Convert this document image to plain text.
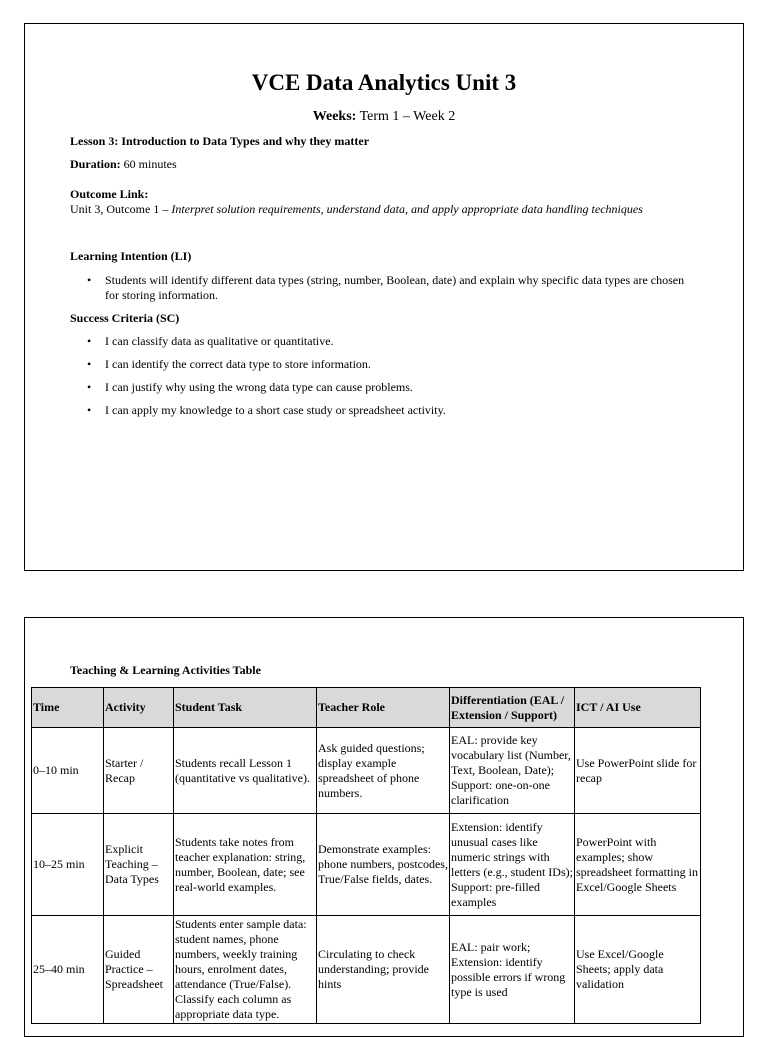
VCE Data Analytics Unit 3
Weeks: Term 1 – Week 2
Lesson 3: Introduction to Data Types and why they matter
Duration: 60 minutes
Outcome Link:
Unit 3, Outcome 1 – Interpret solution requirements, understand data, and apply appropriate data handling techniques
Learning Intention (LI)
• Students will identify different data types (string, number, Boolean, date) and explain why specific data types are chosen for storing information.
Success Criteria (SC)
• I can classify data as qualitative or quantitative.
• I can identify the correct data type to store information.
• I can justify why using the wrong data type can cause problems.
• I can apply my knowledge to a short case study or spreadsheet activity.
Teaching & Learning Activities Table
Time	Activity	Student Task	Teacher Role	Differentiation (EAL / Extension / Support)	ICT / AI Use
0–10 min	Starter / Recap	Students recall Lesson 1 (quantitative vs qualitative).	Ask guided questions; display example spreadsheet of phone numbers.	EAL: provide key vocabulary list (Number, Text, Boolean, Date); Support: one-on-one clarification	Use PowerPoint slide for recap
10–25 min	Explicit Teaching – Data Types	Students take notes from teacher explanation: string, number, Boolean, date; see real-world examples.	Demonstrate examples: phone numbers, postcodes, True/False fields, dates.	Extension: identify unusual cases like numeric strings with letters (e.g., student IDs); Support: pre-filled examples	PowerPoint with examples; show spreadsheet formatting in Excel/Google Sheets
25–40 min	Guided Practice – Spreadsheet	Students enter sample data: student names, phone numbers, weekly training hours, enrolment dates, attendance (True/False). Classify each column as appropriate data type.	Circulating to check understanding; provide hints	EAL: pair work; Extension: identify possible errors if wrong type is used	Use Excel/Google Sheets; apply data validation
